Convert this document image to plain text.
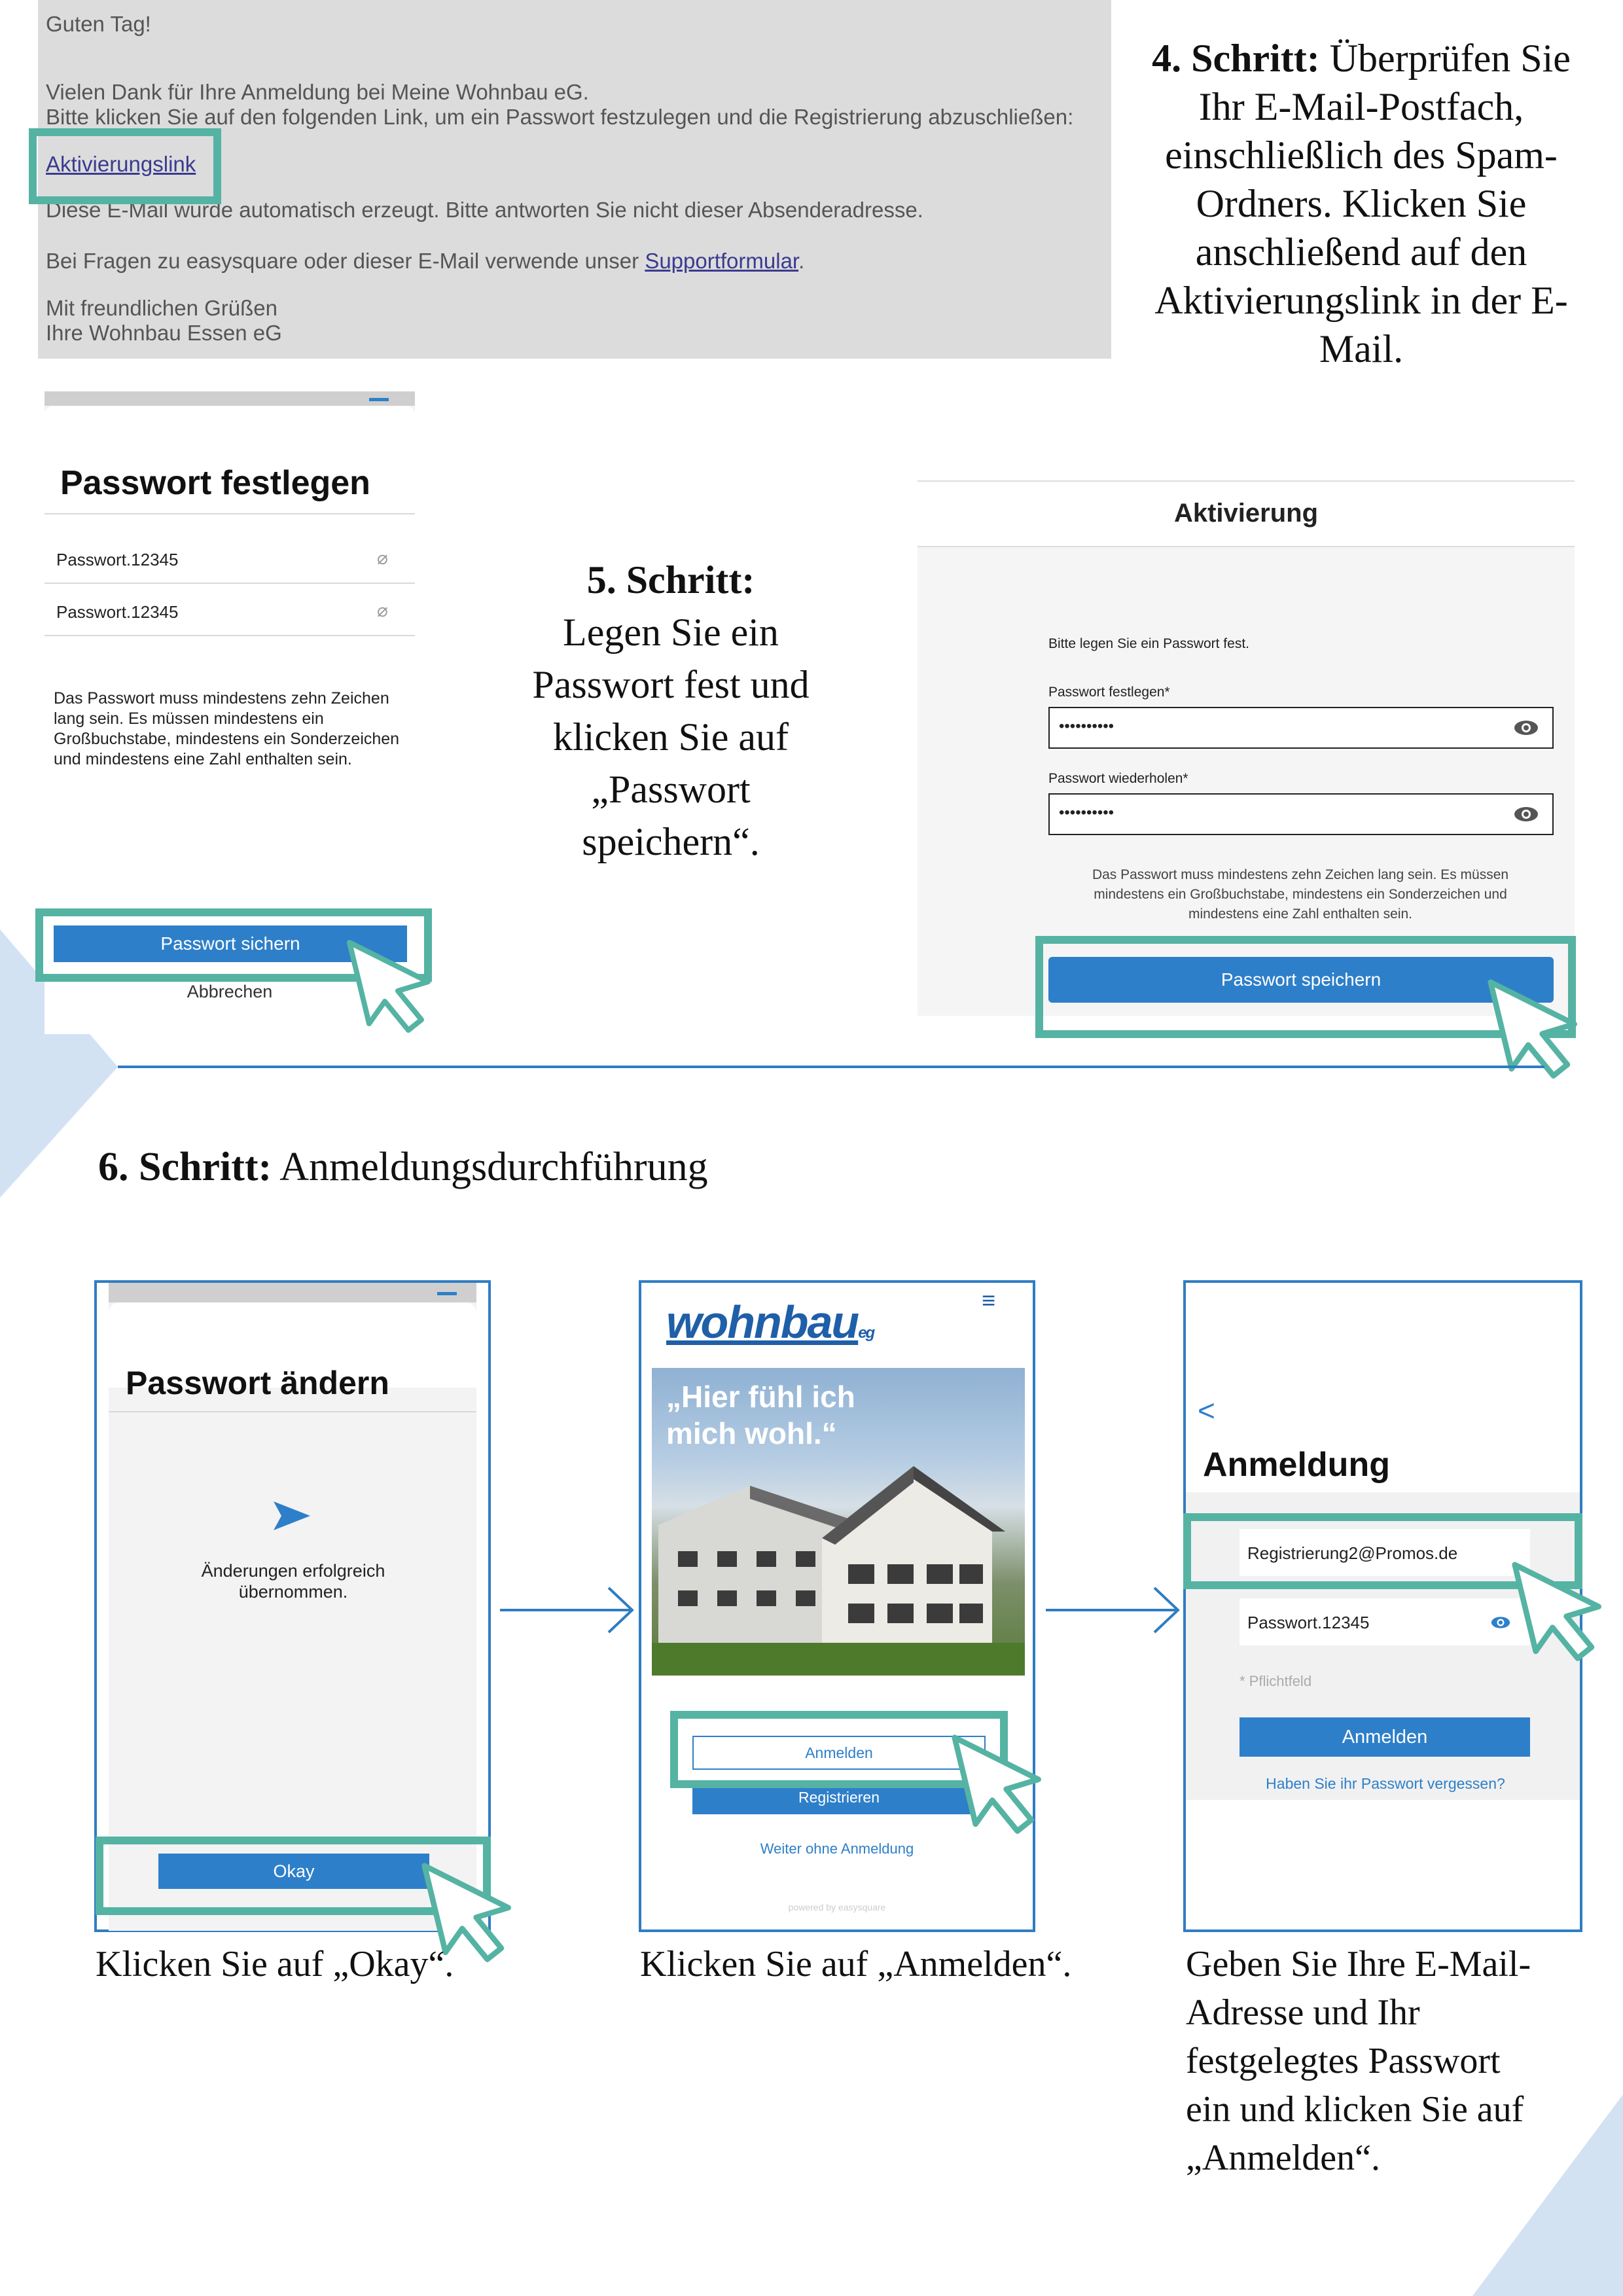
Guten Tag!
Vielen Dank für Ihre Anmeldung bei Meine Wohnbau eG.
Bitte klicken Sie auf den folgenden Link, um ein Passwort festzulegen und die Registrierung abzuschließen:
Aktivierungslink
Diese E-Mail wurde automatisch erzeugt. Bitte antworten Sie nicht dieser Absenderadresse.
Bei Fragen zu easysquare oder dieser E-Mail verwende unser Supportformular.
Mit freundlichen Grüßen
Ihre Wohnbau Essen eG
4. Schritt: Überprüfen Sie Ihr E-Mail-Postfach, einschließlich des Spam-Ordners. Klicken Sie anschließend auf den Aktivierungslink in der E-Mail.
Passwort festlegen
Passwort.12345	⌀
Passwort.12345	⌀
Das Passwort muss mindestens zehn Zeichen lang sein. Es müssen mindestens ein Großbuchstabe, mindestens ein Sonderzeichen und mindestens eine Zahl enthalten sein.
Passwort sichern
Abbrechen
5. Schritt:
Legen Sie ein Passwort fest und klicken Sie auf „Passwort speichern“.
Aktivierung
Bitte legen Sie ein Passwort fest.
Passwort festlegen*
••••••••••
Passwort wiederholen*
••••••••••
Das Passwort muss mindestens zehn Zeichen lang sein. Es müssen mindestens ein Großbuchstabe, mindestens ein Sonderzeichen und mindestens eine Zahl enthalten sein.
Passwort speichern
6. Schritt: Anmeldungsdurchführung
Passwort ändern
Änderungen erfolgreich übernommen.
Okay
Klicken Sie auf „Okay“.
wohnbaueg
≡
„Hier fühl ich mich wohl.“
Anmelden
Registrieren
Weiter ohne Anmeldung
powered by easysquare
Klicken Sie auf „Anmelden“.
<
Anmeldung
Registrierung2@Promos.de
Passwort.12345
* Pflichtfeld
Anmelden
Haben Sie ihr Passwort vergessen?
Geben Sie Ihre E-Mail-Adresse und Ihr festgelegtes Passwort ein und klicken Sie auf „Anmelden“.
